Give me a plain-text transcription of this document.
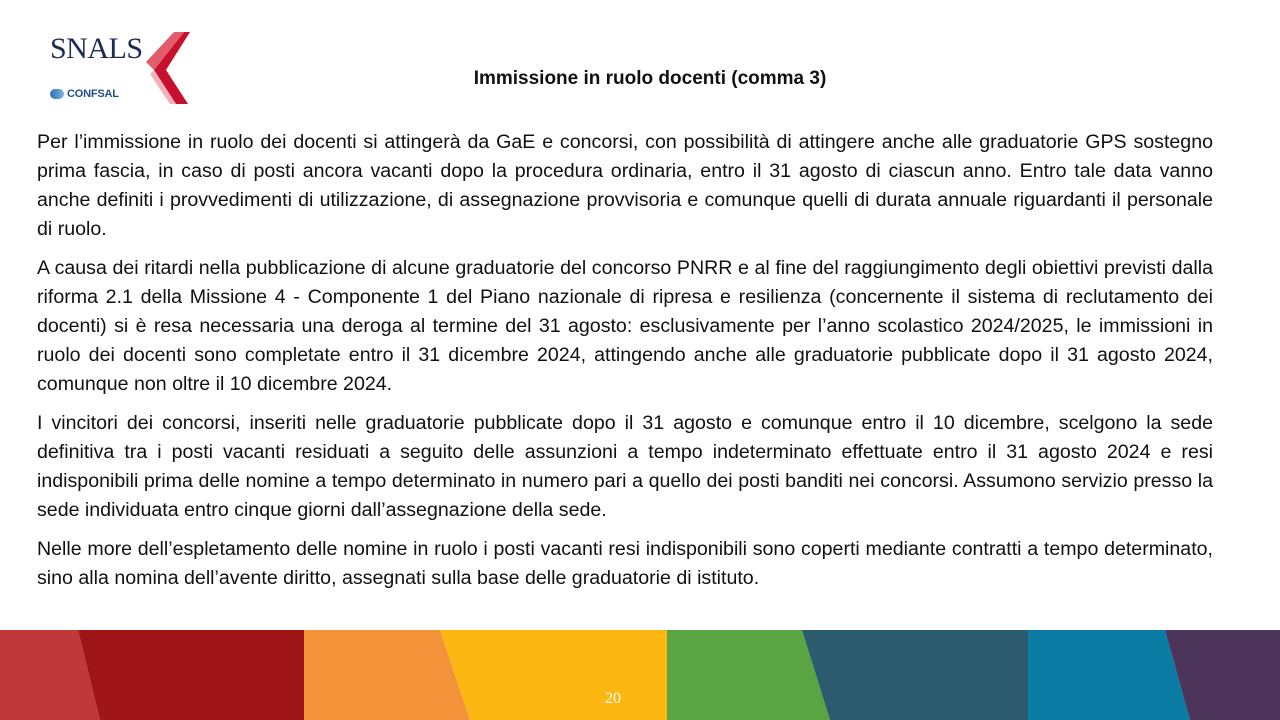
SNALS
CONFSAL
Immissione in ruolo docenti (comma 3)

Per l’immissione in ruolo dei docenti si attingerà da GaE e concorsi, con possibilità di attingere anche alle graduatorie GPS sostegno prima fascia, in caso di posti ancora vacanti dopo la procedura ordinaria, entro il 31 agosto di ciascun anno. Entro tale data vanno anche definiti i provvedimenti di utilizzazione, di assegnazione provvisoria e comunque quelli di durata annuale riguardanti il personale di ruolo.

A causa dei ritardi nella pubblicazione di alcune graduatorie del concorso PNRR e al fine del raggiungimento degli obiettivi previsti dalla riforma 2.1 della Missione 4 - Componente 1 del Piano nazionale di ripresa e resilienza (concernente il sistema di reclutamento dei docenti) si è resa necessaria una deroga al termine del 31 agosto: esclusivamente per l’anno scolastico 2024/2025, le immissioni in ruolo dei docenti sono completate entro il 31 dicembre 2024, attingendo anche alle graduatorie pubblicate dopo il 31 agosto 2024, comunque non oltre il 10 dicembre 2024.

I vincitori dei concorsi, inseriti nelle graduatorie pubblicate dopo il 31 agosto e comunque entro il 10 dicembre, scelgono la sede definitiva tra i posti vacanti residuati a seguito delle assunzioni a tempo indeterminato effettuate entro il 31 agosto 2024 e resi indisponibili prima delle nomine a tempo determinato in numero pari a quello dei posti banditi nei concorsi. Assumono servizio presso la sede individuata entro cinque giorni dall’assegnazione della sede.

Nelle more dell’espletamento delle nomine in ruolo i posti vacanti resi indisponibili sono coperti mediante contratti a tempo determinato, sino alla nomina dell’avente diritto, assegnati sulla base delle graduatorie di istituto.

20
